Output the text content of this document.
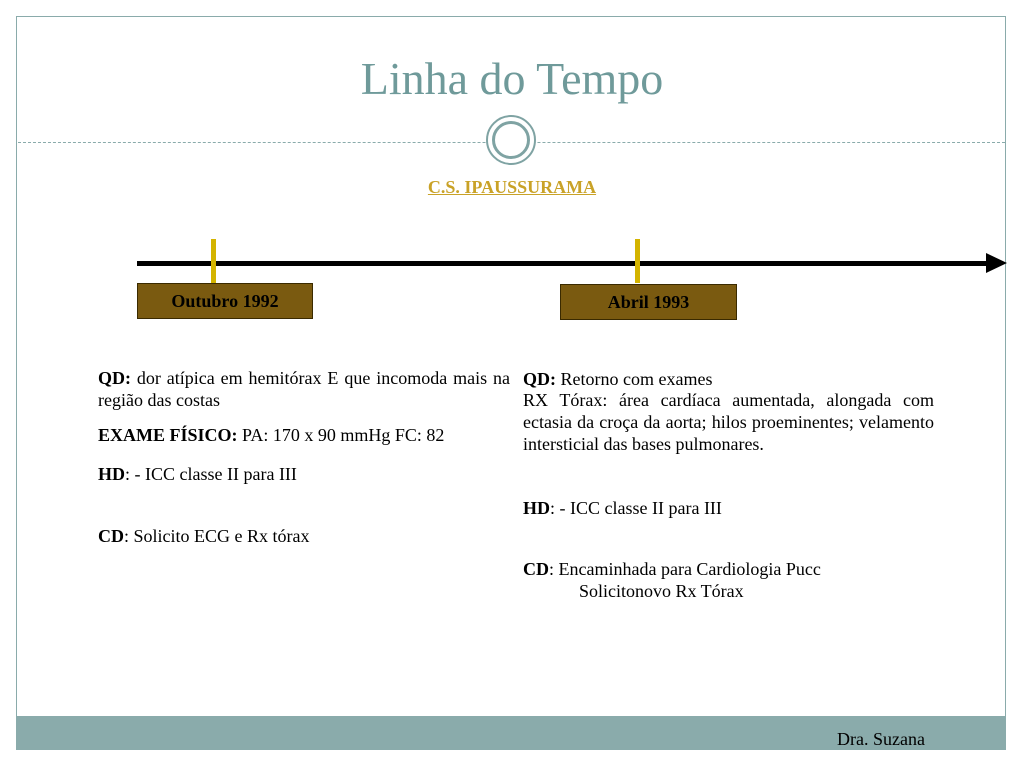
Linha do Tempo
C.S. IPAUSSURAMA
Outubro 1992	Abril 1993

QD: dor atípica em hemitórax E que incomoda mais na região das costas

EXAME FÍSICO: PA: 170 x 90 mmHg FC: 82

HD: - ICC classe II para III

CD: Solicito ECG e Rx tórax

QD: Retorno com exames

RX Tórax: área cardíaca aumentada, alongada com ectasia da croça da aorta; hilos proeminentes; velamento intersticial das bases pulmonares.

HD: - ICC classe II para III

CD: Encaminhada para Cardiologia Pucc

Solicitonovo Rx Tórax

Dra. Suzana
